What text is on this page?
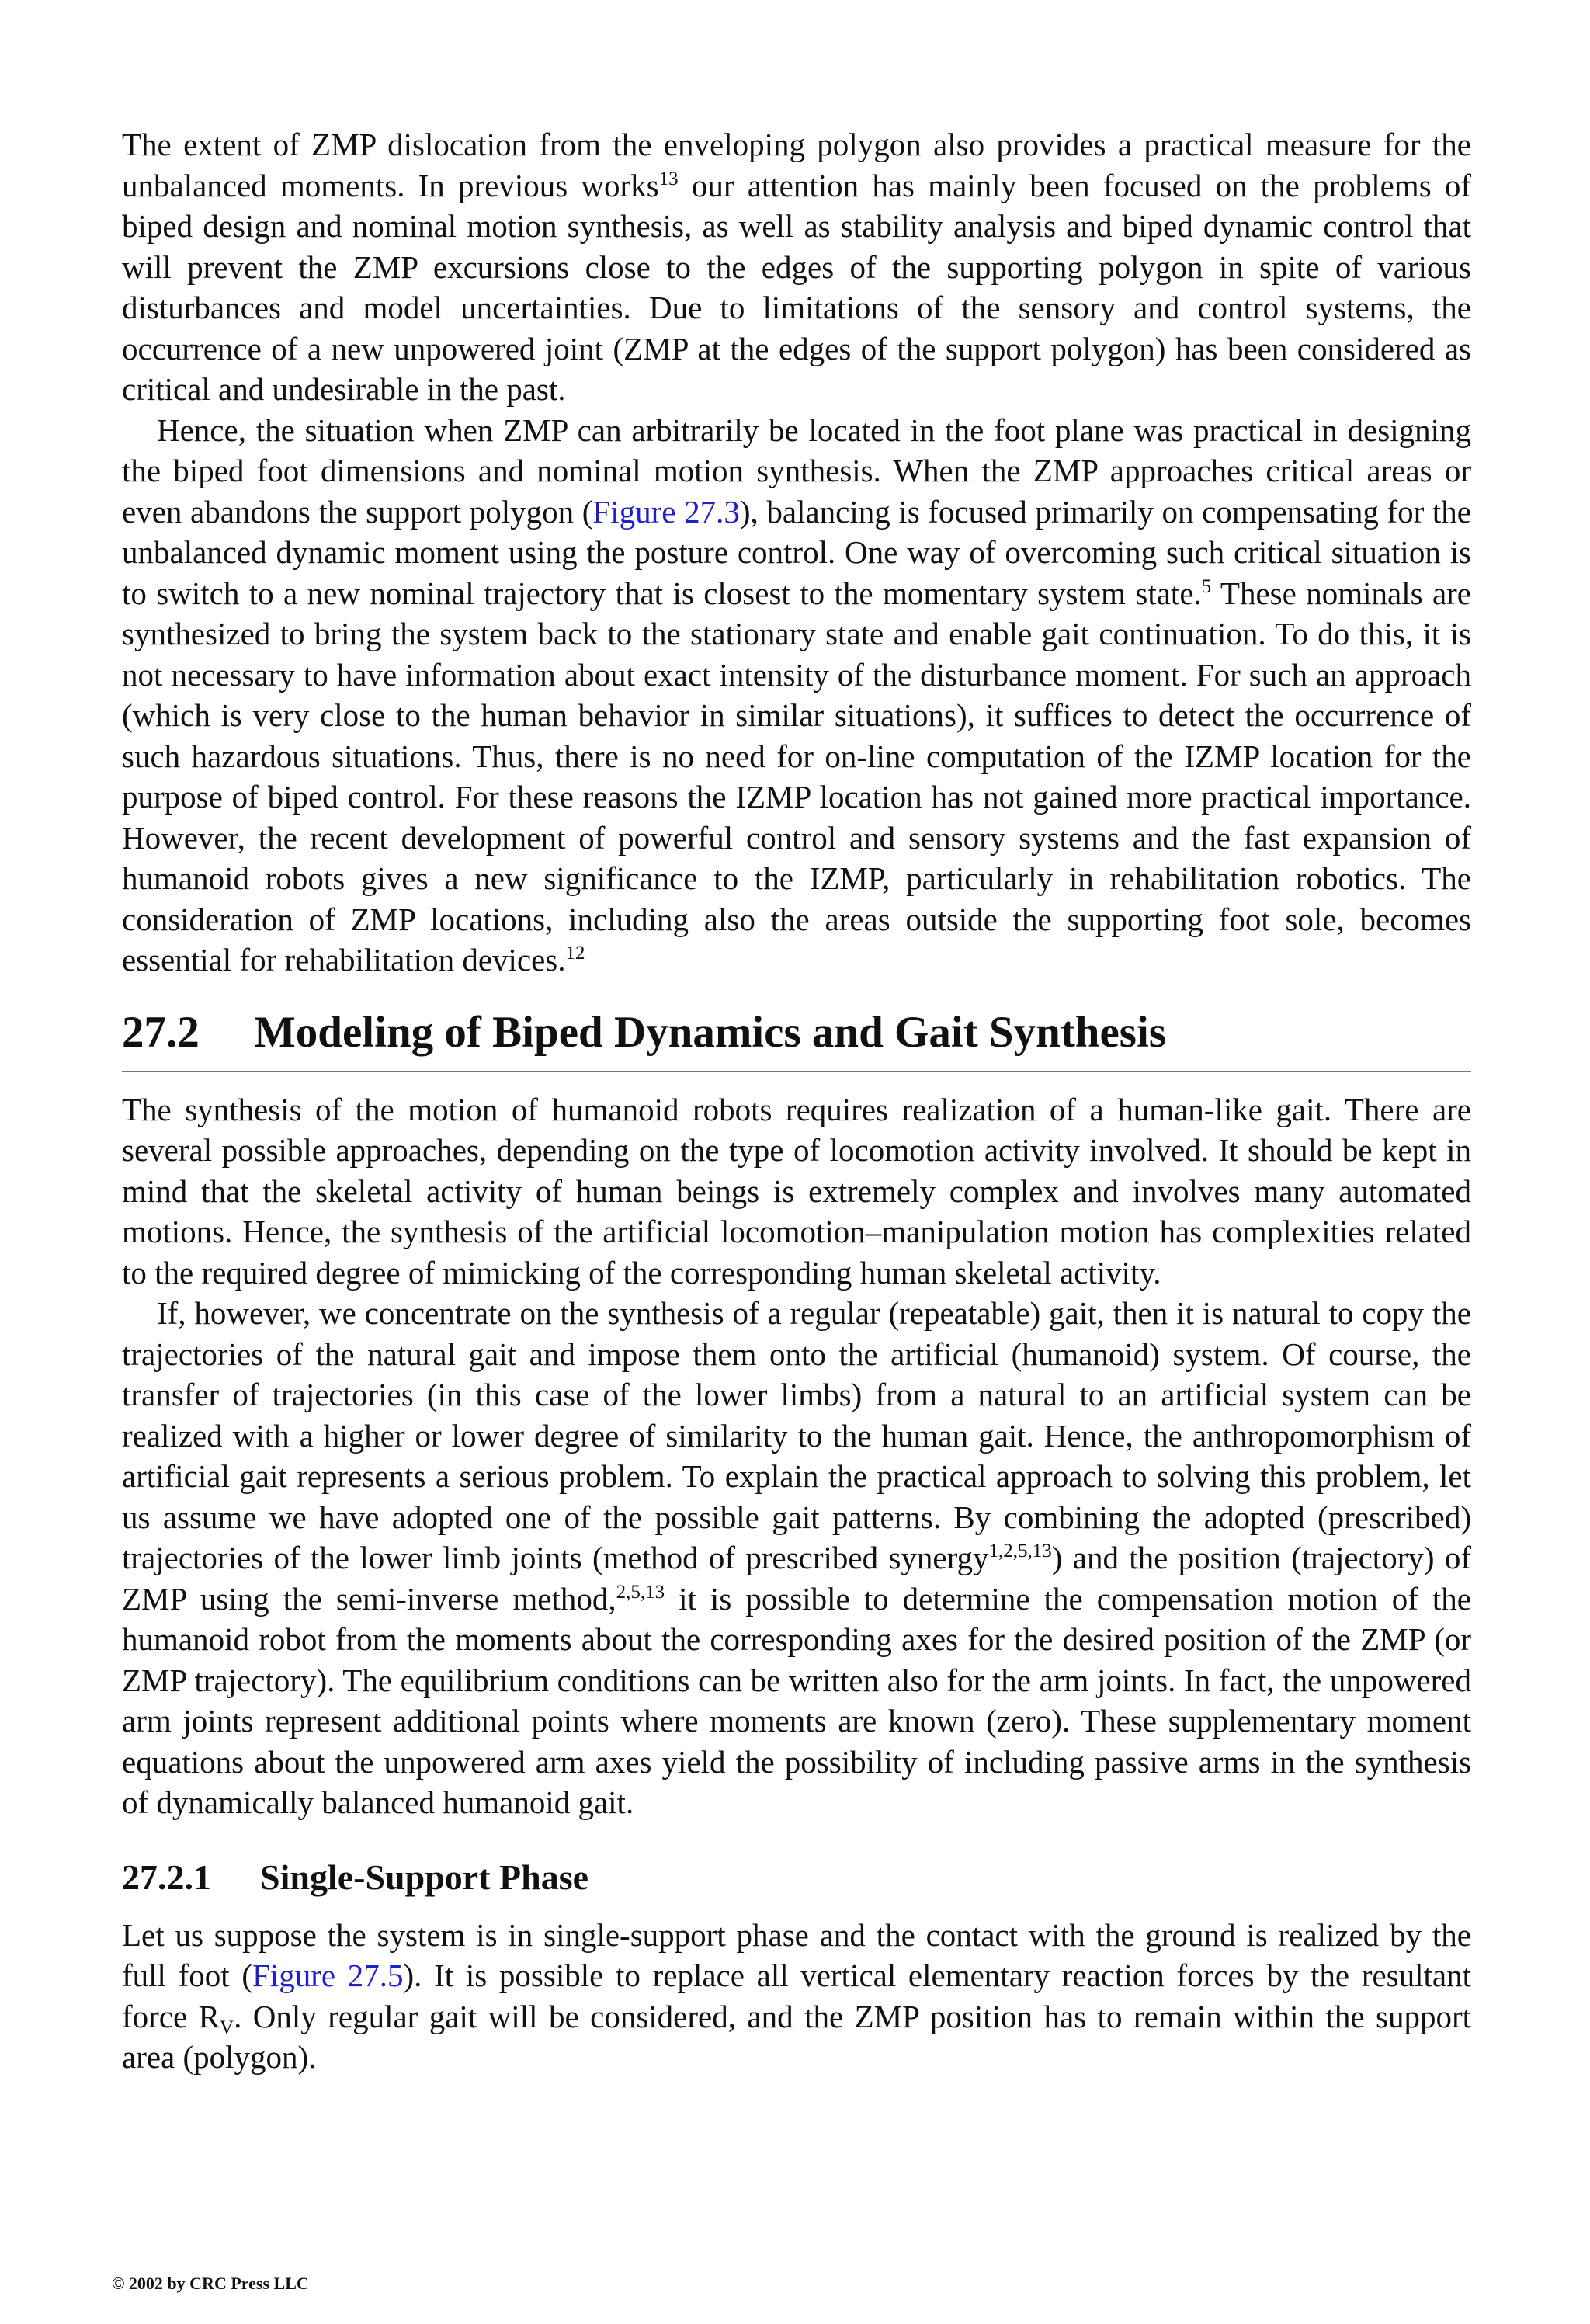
The extent of ZMP dislocation from the enveloping polygon also provides a practical measure for the unbalanced moments. In previous works$^{13}$ our attention has mainly been focused on the problems of biped design and nominal motion synthesis, as well as stability analysis and biped dynamic control that will prevent the ZMP excursions close to the edges of the supporting polygon in spite of various disturbances and model uncertainties. Due to limitations of the sensory and control systems, the occurrence of a new unpowered joint (ZMP at the edges of the support polygon) has been considered as critical and undesirable in the past.

Hence, the situation when ZMP can arbitrarily be located in the foot plane was practical in designing the biped foot dimensions and nominal motion synthesis. When the ZMP approaches critical areas or even abandons the support polygon (Figure 27.3), balancing is focused primarily on compensating for the unbalanced dynamic moment using the posture control. One way of overcoming such critical situation is to switch to a new nominal trajectory that is closest to the momentary system state.$^5$ These nominals are synthesized to bring the system back to the stationary state and enable gait continuation. To do this, it is not necessary to have information about exact intensity of the disturbance moment. For such an approach (which is very close to the human behavior in similar situations), it suffices to detect the occurrence of such hazardous situations. Thus, there is no need for on-line computation of the IZMP location for the purpose of biped control. For these reasons the IZMP location has not gained more practical importance. However, the recent development of powerful control and sensory systems and the fast expansion of humanoid robots gives a new significance to the IZMP, particularly in rehabilitation robotics. The consideration of ZMP locations, including also the areas outside the supporting foot sole, becomes essential for rehabilitation devices.$^{12}$

27.2 Modeling of Biped Dynamics and Gait Synthesis

The synthesis of the motion of humanoid robots requires realization of a human-like gait. There are several possible approaches, depending on the type of locomotion activity involved. It should be kept in mind that the skeletal activity of human beings is extremely complex and involves many automated motions. Hence, the synthesis of the artificial locomotion–manipulation motion has complexities related to the required degree of mimicking of the corresponding human skeletal activity.

If, however, we concentrate on the synthesis of a regular (repeatable) gait, then it is natural to copy the trajectories of the natural gait and impose them onto the artificial (humanoid) system. Of course, the transfer of trajectories (in this case of the lower limbs) from a natural to an artificial system can be realized with a higher or lower degree of similarity to the human gait. Hence, the anthropomorphism of artificial gait represents a serious problem. To explain the practical approach to solving this problem, let us assume we have adopted one of the possible gait patterns. By combining the adopted (prescribed) trajectories of the lower limb joints (method of prescribed synergy$^{1,2,5,13}$) and the position (trajectory) of ZMP using the semi-inverse method,$^{2,5,13}$ it is possible to determine the compensation motion of the humanoid robot from the moments about the corresponding axes for the desired position of the ZMP (or ZMP trajectory). The equilibrium conditions can be written also for the arm joints. In fact, the unpowered arm joints represent additional points where moments are known (zero). These supplementary moment equations about the unpowered arm axes yield the possibility of including passive arms in the synthesis of dynamically balanced humanoid gait.

27.2.1 Single-Support Phase

Let us suppose the system is in single-support phase and the contact with the ground is realized by the full foot (Figure 27.5). It is possible to replace all vertical elementary reaction forces by the resultant force $R_V$. Only regular gait will be considered, and the ZMP position has to remain within the support area (polygon).

© 2002 by CRC Press LLC
